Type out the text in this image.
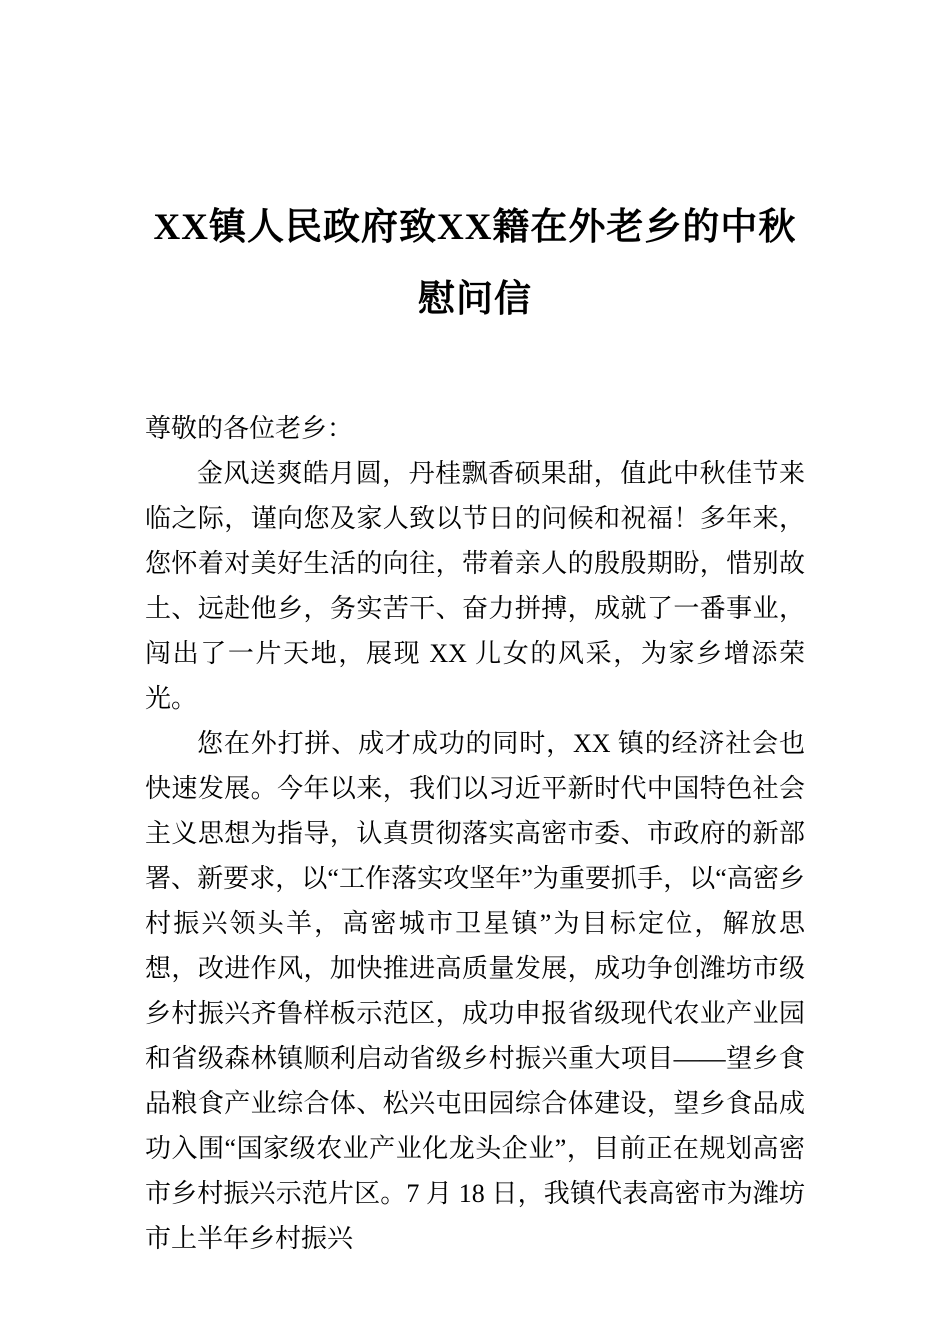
XX镇人民政府致XX籍在外老乡的中秋慰问信

尊敬的各位老乡：

金风送爽皓月圆，丹桂飘香硕果甜，值此中秋佳节来临之际，谨向您及家人致以节日的问候和祝福！多年来，您怀着对美好生活的向往，带着亲人的殷殷期盼，惜别故土、远赴他乡，务实苦干、奋力拼搏，成就了一番事业，闯出了一片天地，展现 XX 儿女的风采，为家乡增添荣光。

您在外打拼、成才成功的同时，XX 镇的经济社会也快速发展。今年以来，我们以习近平新时代中国特色社会主义思想为指导，认真贯彻落实高密市委、市政府的新部署、新要求，以“工作落实攻坚年”为重要抓手，以“高密乡村振兴领头羊，高密城市卫星镇”为目标定位，解放思想，改进作风，加快推进高质量发展，成功争创潍坊市级乡村振兴齐鲁样板示范区，成功申报省级现代农业产业园和省级森林镇顺利启动省级乡村振兴重大项目——望乡食品粮食产业综合体、松兴屯田园综合体建设，望乡食品成功入围“国家级农业产业化龙头企业”，目前正在规划高密市乡村振兴示范片区。7 月 18 日，我镇代表高密市为潍坊市上半年乡村振兴
